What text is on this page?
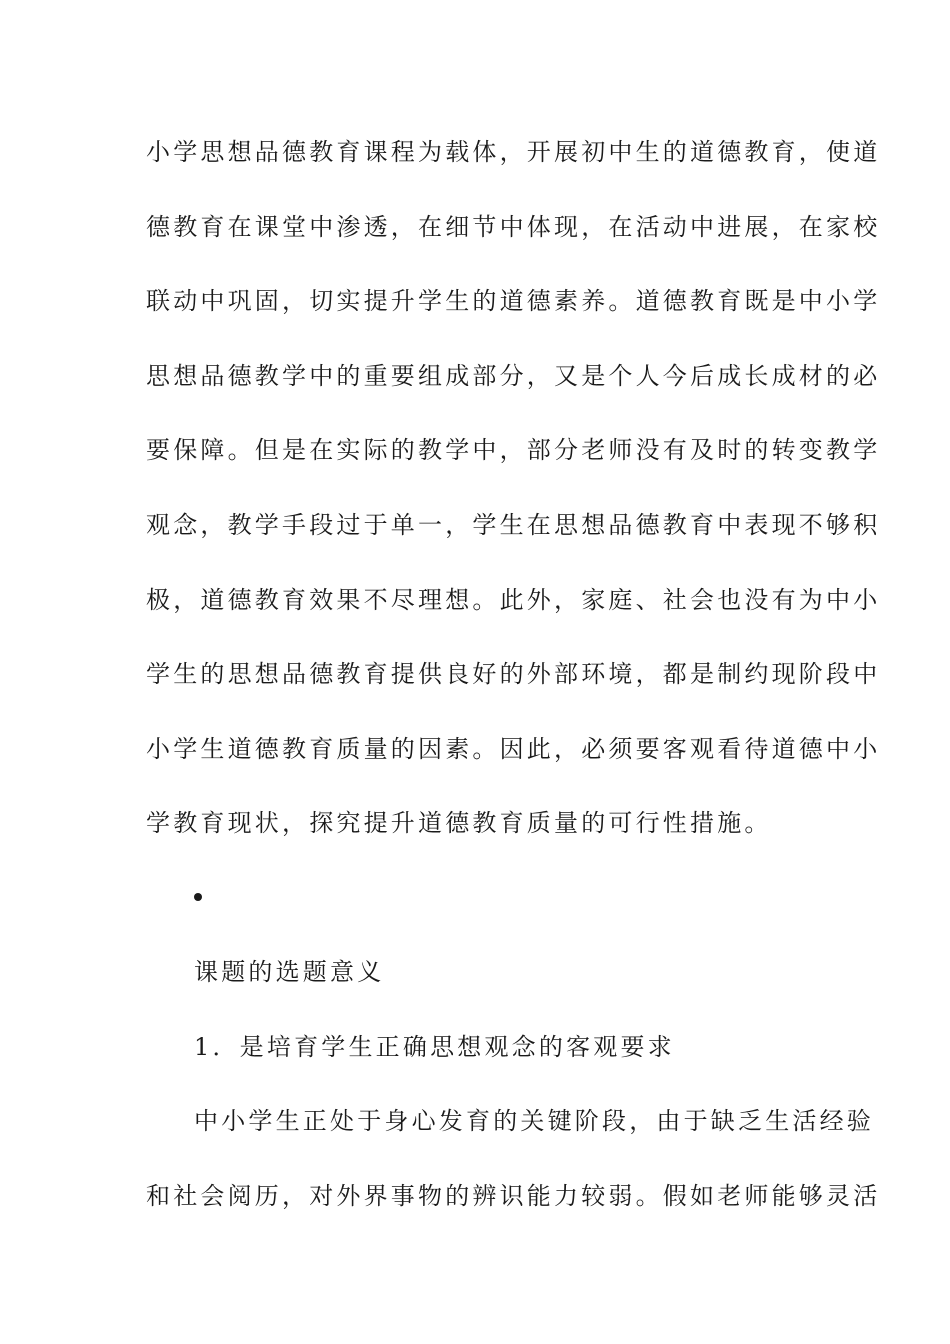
小学思想品德教育课程为载体，开展初中生的道德教育，使道
德教育在课堂中渗透，在细节中体现，在活动中进展，在家校
联动中巩固，切实提升学生的道德素养。道德教育既是中小学
思想品德教学中的重要组成部分，又是个人今后成长成材的必
要保障。但是在实际的教学中，部分老师没有及时的转变教学
观念，教学手段过于单一，学生在思想品德教育中表现不够积
极，道德教育效果不尽理想。此外，家庭、社会也没有为中小
学生的思想品德教育提供良好的外部环境，都是制约现阶段中
小学生道德教育质量的因素。因此，必须要客观看待道德中小
学教育现状，探究提升道德教育质量的可行性措施。
课题的选题意义
1．是培育学生正确思想观念的客观要求
中小学生正处于身心发育的关键阶段，由于缺乏生活经验
和社会阅历，对外界事物的辨识能力较弱。假如老师能够灵活
